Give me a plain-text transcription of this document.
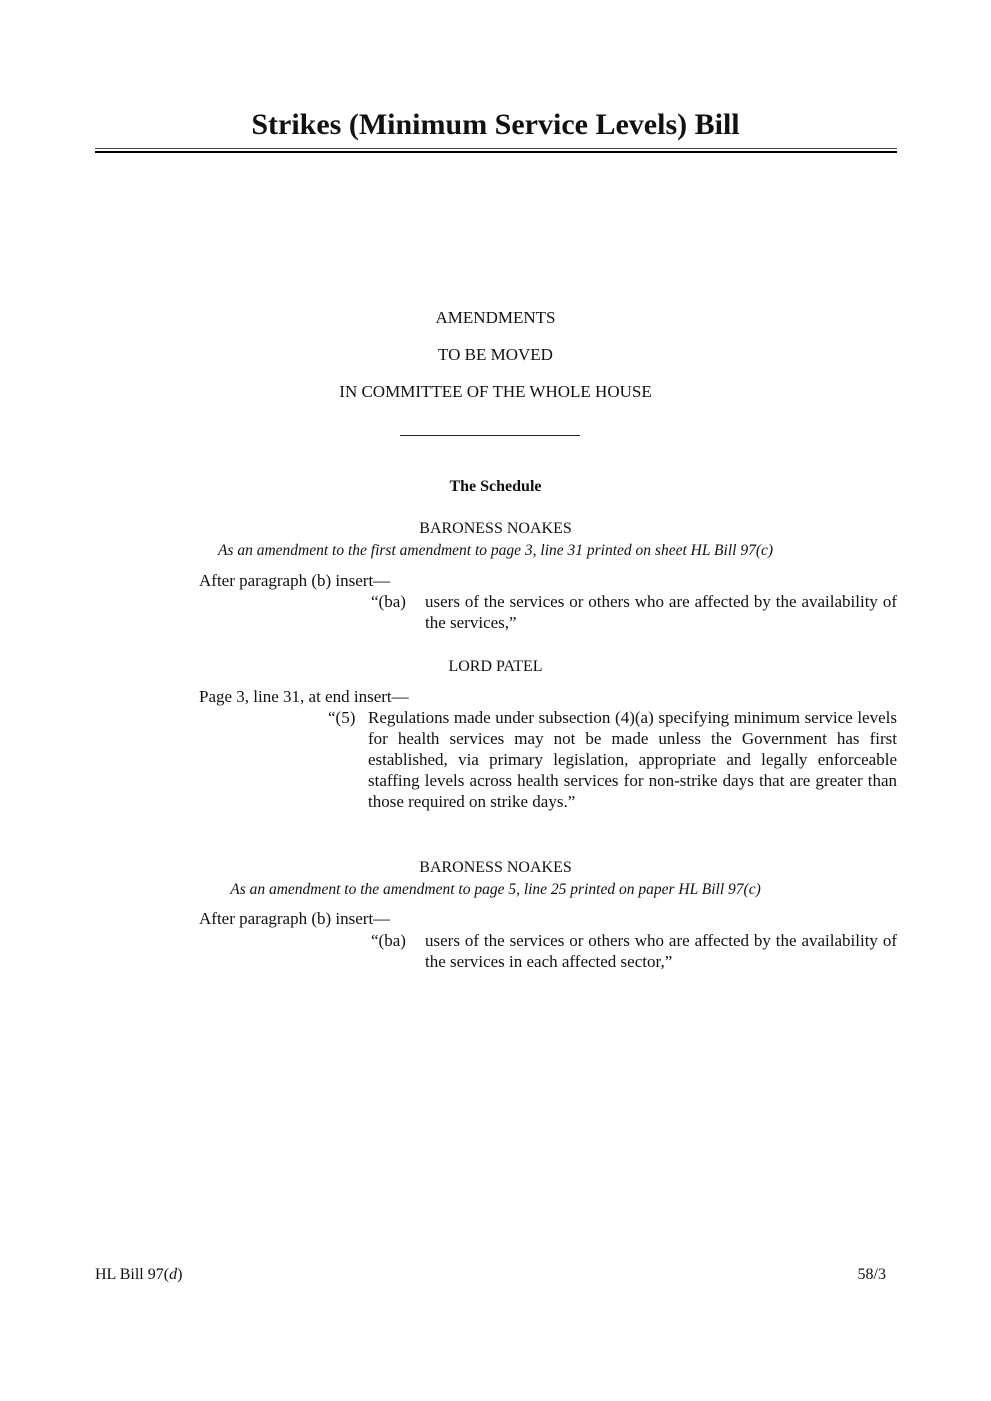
Strikes (Minimum Service Levels) Bill
AMENDMENTS
TO BE MOVED
IN COMMITTEE OF THE WHOLE HOUSE
The Schedule
BARONESS NOAKES
As an amendment to the first amendment to page 3, line 31 printed on sheet HL Bill 97(c)
After paragraph (b) insert—
“(ba) users of the services or others who are affected by the availability of the services,”
LORD PATEL
Page 3, line 31, at end insert—
“(5) Regulations made under subsection (4)(a) specifying minimum service levels for health services may not be made unless the Government has first established, via primary legislation, appropriate and legally enforceable staffing levels across health services for non-strike days that are greater than those required on strike days.”
BARONESS NOAKES
As an amendment to the amendment to page 5, line 25 printed on paper HL Bill 97(c)
After paragraph (b) insert—
“(ba) users of the services or others who are affected by the availability of the services in each affected sector,”
HL Bill 97(d)	58/3
